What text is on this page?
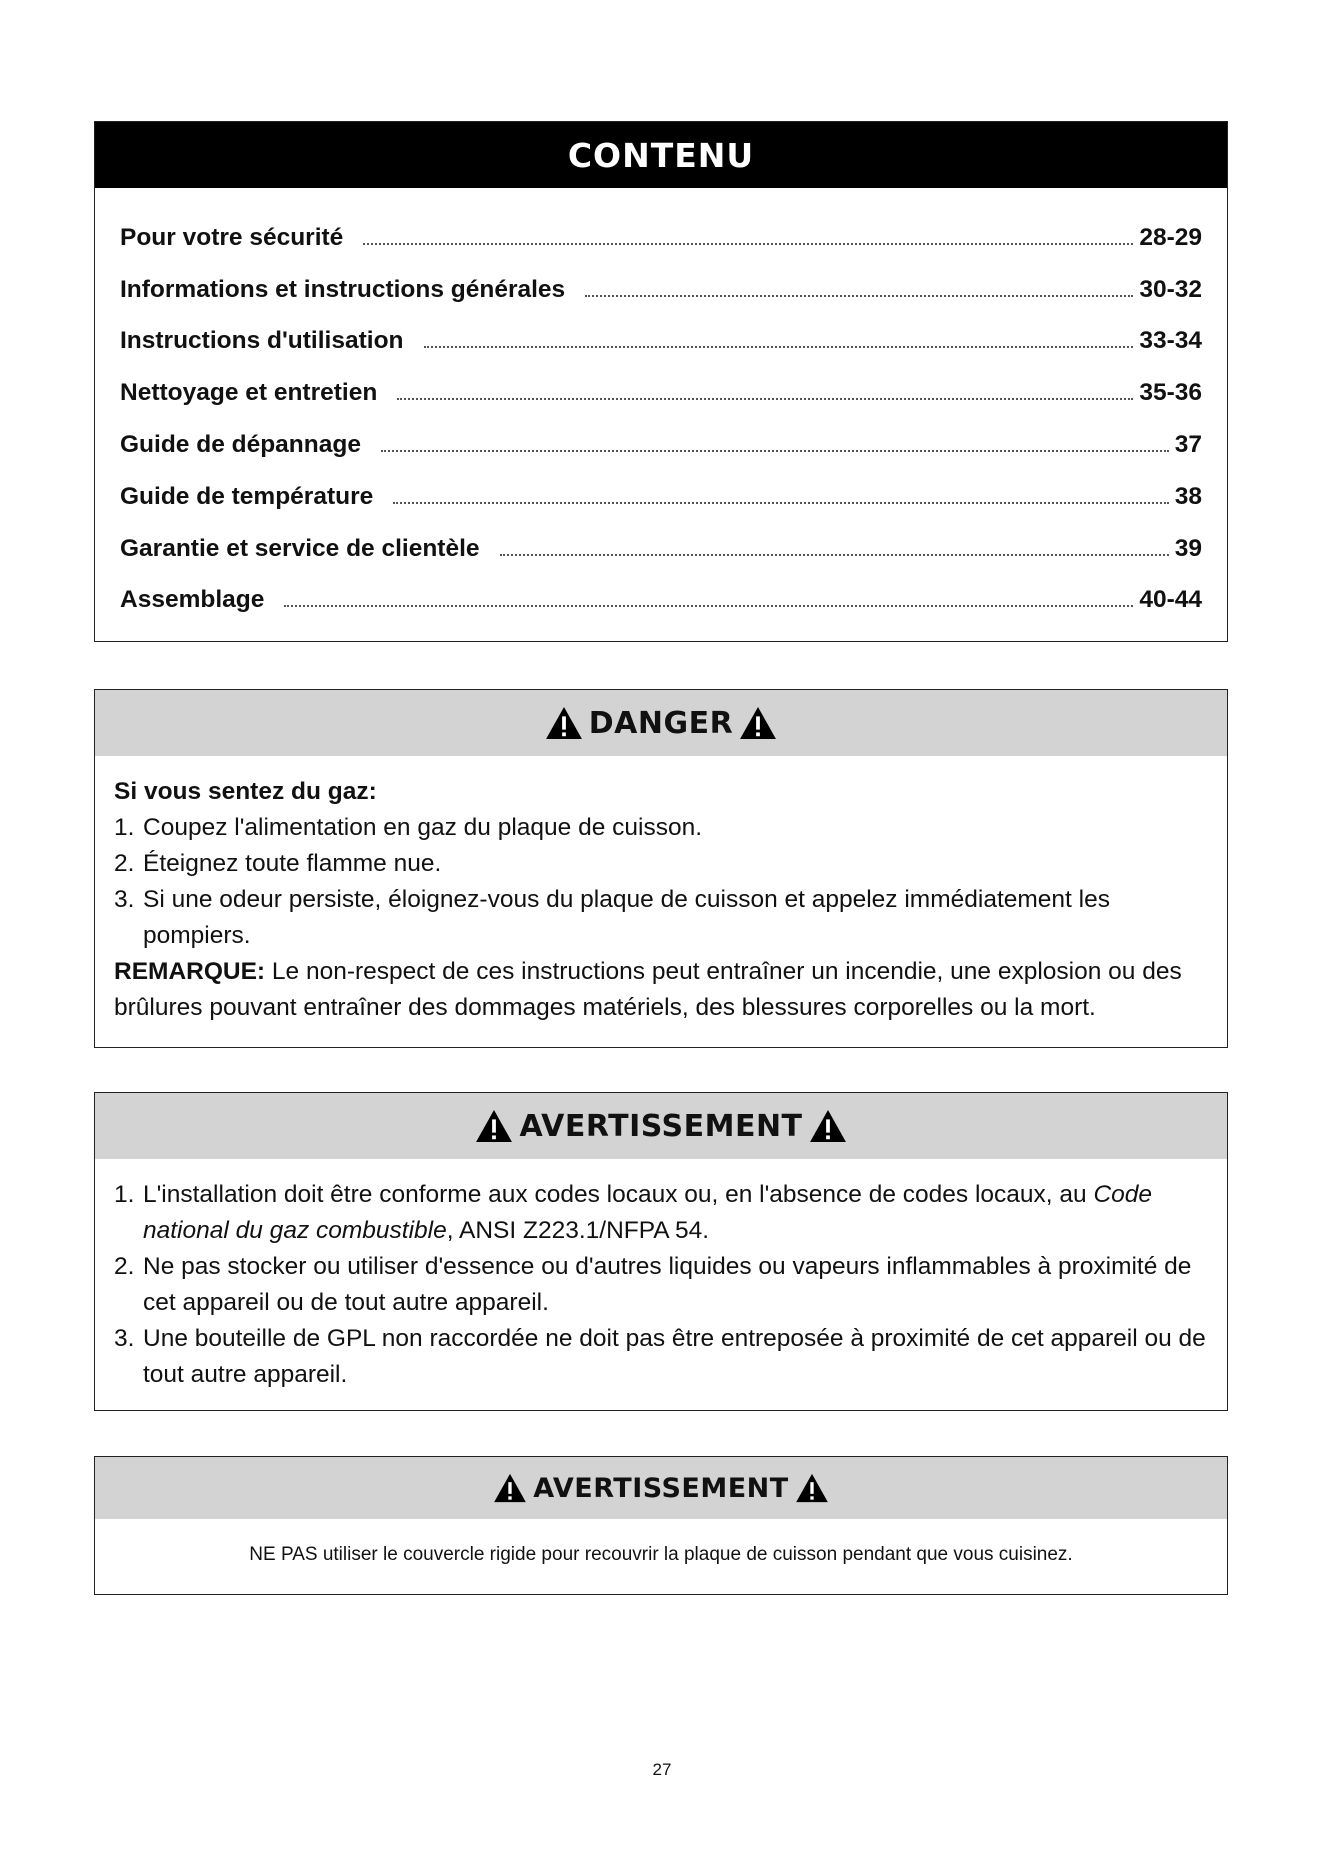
CONTENU
Pour votre sécurité	28-29
Informations et instructions générales	30-32
Instructions d'utilisation	33-34
Nettoyage et entretien	35-36
Guide de dépannage	37
Guide de température	38
Garantie et service de clientèle	39
Assemblage	40-44
DANGER
Si vous sentez du gaz:
1. Coupez l'alimentation en gaz du plaque de cuisson.
2. Éteignez toute flamme nue.
3. Si une odeur persiste, éloignez-vous du plaque de cuisson et appelez immédiatement les pompiers.
REMARQUE: Le non-respect de ces instructions peut entraîner un incendie, une explosion ou des brûlures pouvant entraîner des dommages matériels, des blessures corporelles ou la mort.
AVERTISSEMENT
1. L'installation doit être conforme aux codes locaux ou, en l'absence de codes locaux, au Code national du gaz combustible, ANSI Z223.1/NFPA 54.
2. Ne pas stocker ou utiliser d'essence ou d'autres liquides ou vapeurs inflammables à proximité de cet appareil ou de tout autre appareil.
3. Une bouteille de GPL non raccordée ne doit pas être entreposée à proximité de cet appareil ou de tout autre appareil.
AVERTISSEMENT
NE PAS utiliser le couvercle rigide pour recouvrir la plaque de cuisson pendant que vous cuisinez.
27
